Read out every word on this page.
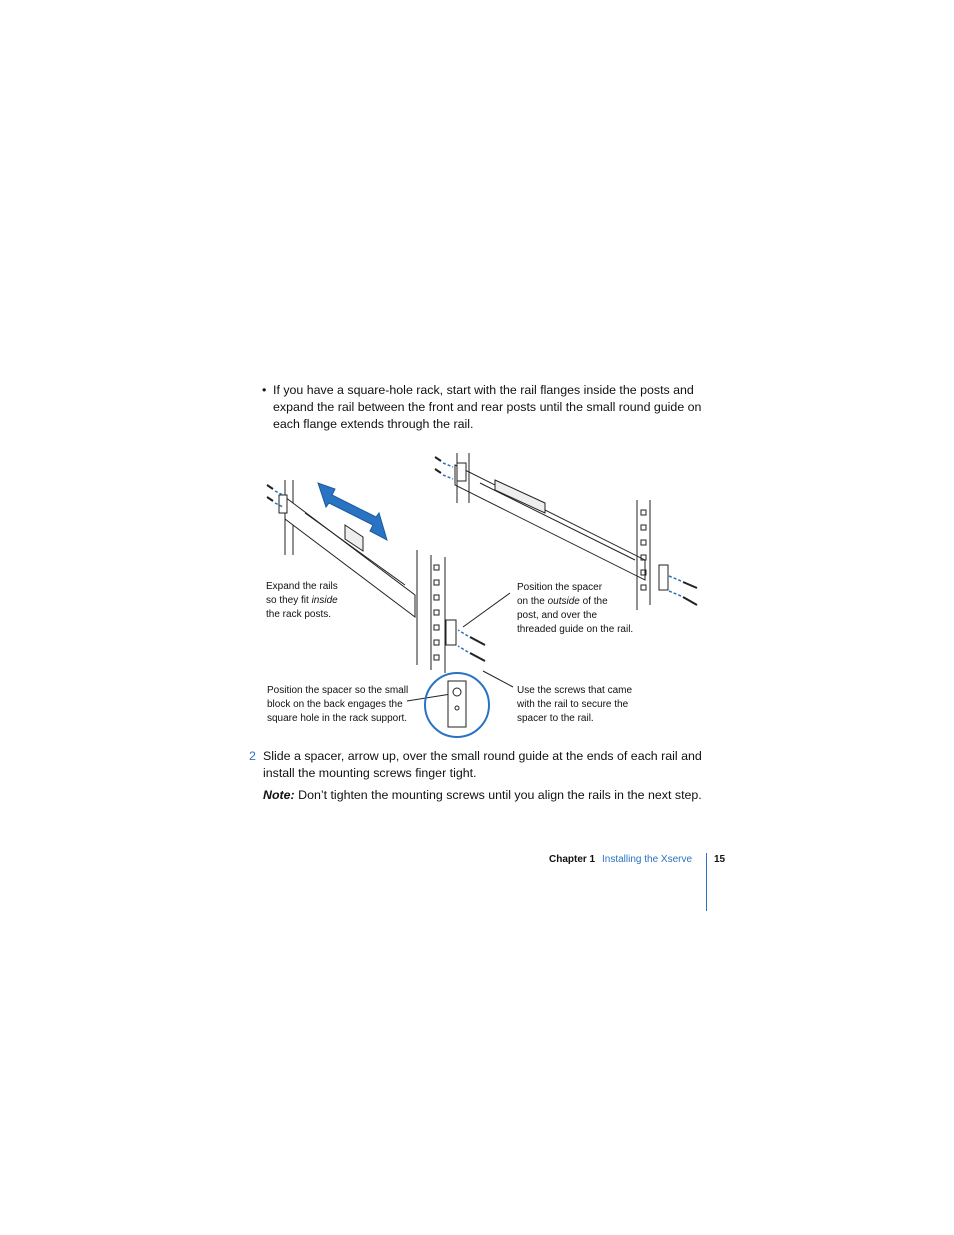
• If you have a square-hole rack, start with the rail flanges inside the posts and expand the rail between the front and rear posts until the small round guide on each flange extends through the rail.
Expand the rails
so they fit inside
the rack posts.
Position the spacer
on the outside of the
post, and over the
threaded guide on the rail.
Position the spacer so the small
block on the back engages the
square hole in the rack support.
Use the screws that came
with the rail to secure the
spacer to the rail.
2 Slide a spacer, arrow up, over the small round guide at the ends of each rail and install the mounting screws finger tight.
Note: Don’t tighten the mounting screws until you align the rails in the next step.
Chapter 1 Installing the Xserve 15
